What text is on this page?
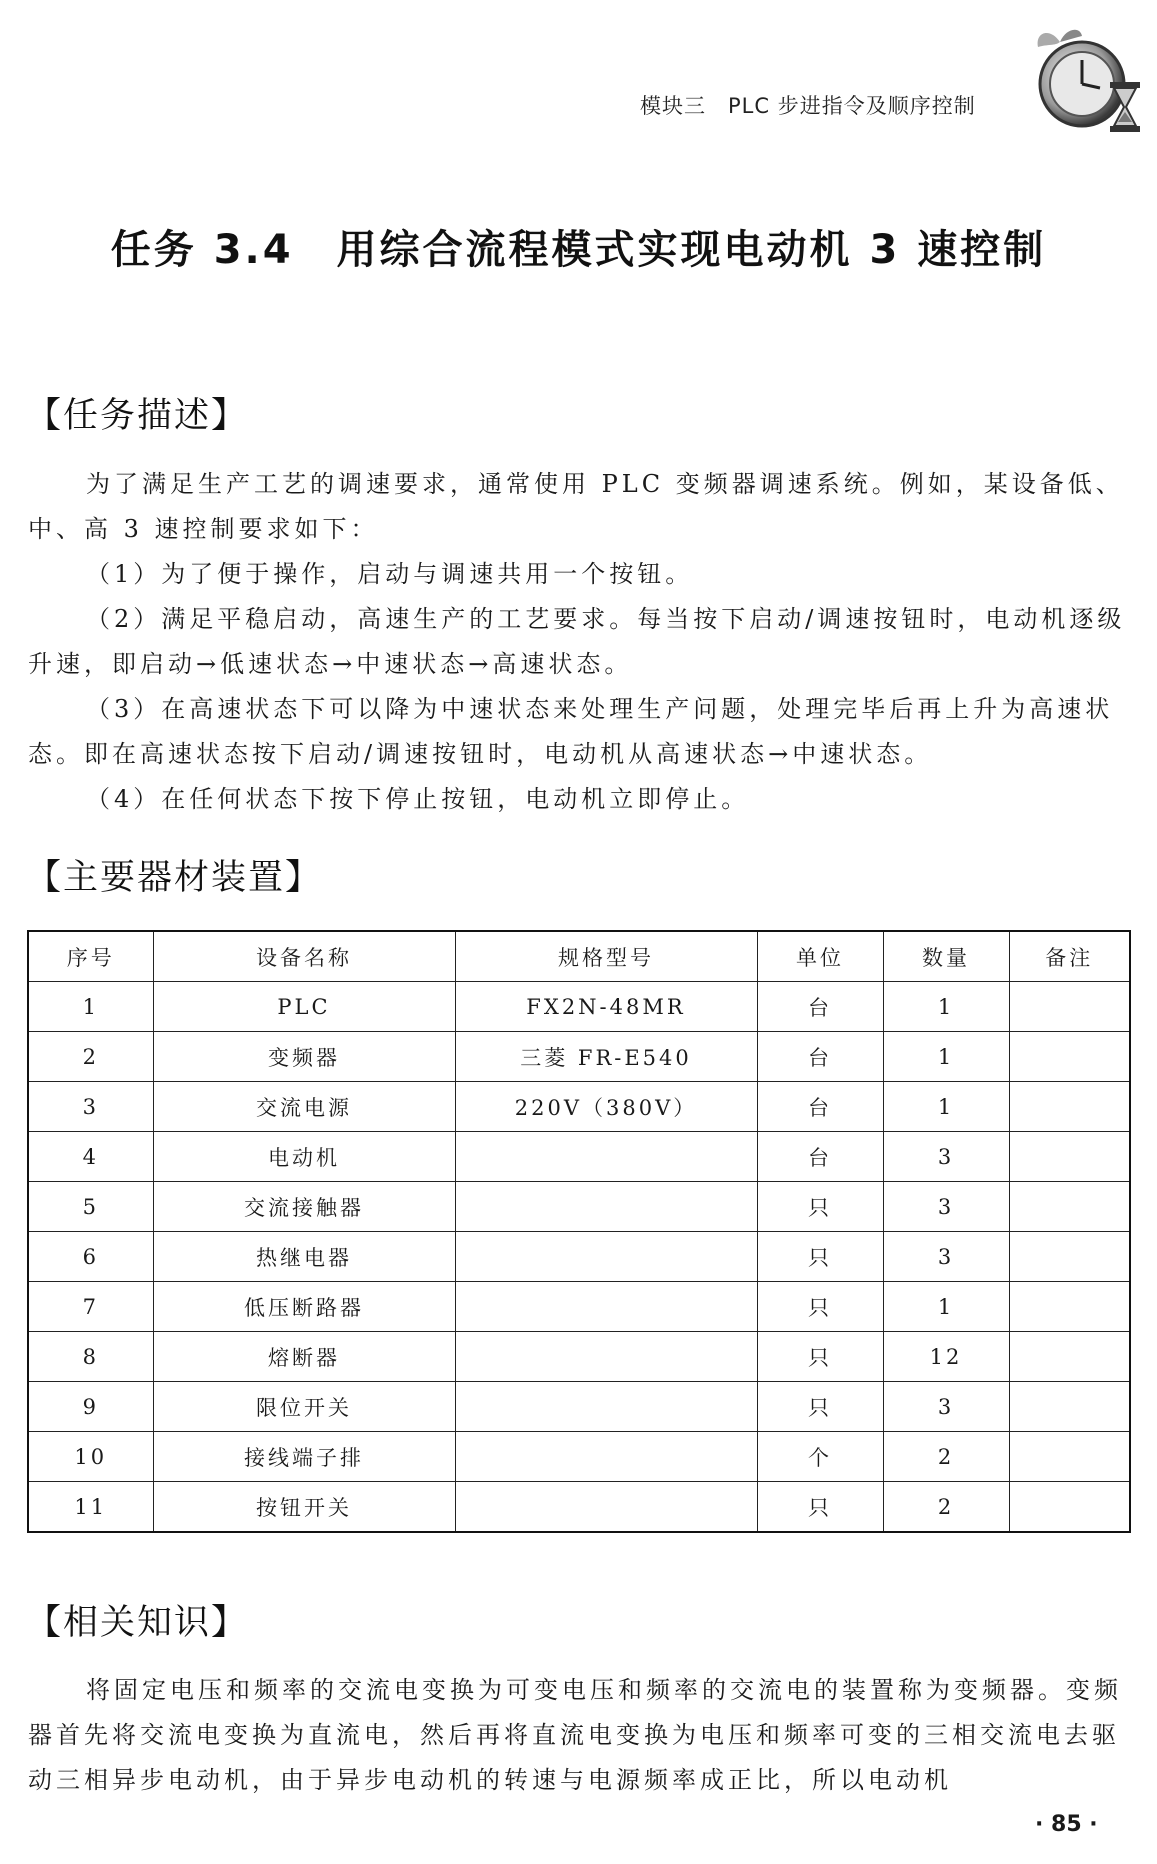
模块三　PLC 步进指令及顺序控制
任务 3.4　用综合流程模式实现电动机 3 速控制
【任务描述】

为了满足生产工艺的调速要求，通常使用 PLC 变频器调速系统。例如，某设备低、中、高 3 速控制要求如下：

（1）为了便于操作，启动与调速共用一个按钮。

（2）满足平稳启动，高速生产的工艺要求。每当按下启动/调速按钮时，电动机逐级升速，即启动→低速状态→中速状态→高速状态。

（3）在高速状态下可以降为中速状态来处理生产问题，处理完毕后再上升为高速状态。即在高速状态按下启动/调速按钮时，电动机从高速状态→中速状态。

（4）在任何状态下按下停止按钮，电动机立即停止。

【主要器材装置】
序号	设备名称	规格型号	单位	数量	备注
1	PLC	FX2N-48MR	台	1	
2	变频器	三菱 FR-E540	台	1	
3	交流电源	220V（380V）	台	1	
4	电动机		台	3	
5	交流接触器		只	3	
6	热继电器		只	3	
7	低压断路器		只	1	
8	熔断器		只	12	
9	限位开关		只	3	
10	接线端子排		个	2	
11	按钮开关		只	2	
【相关知识】

将固定电压和频率的交流电变换为可变电压和频率的交流电的装置称为变频器。变频器首先将交流电变换为直流电，然后再将直流电变换为电压和频率可变的三相交流电去驱动三相异步电动机，由于异步电动机的转速与电源频率成正比，所以电动机

· 85 ·
